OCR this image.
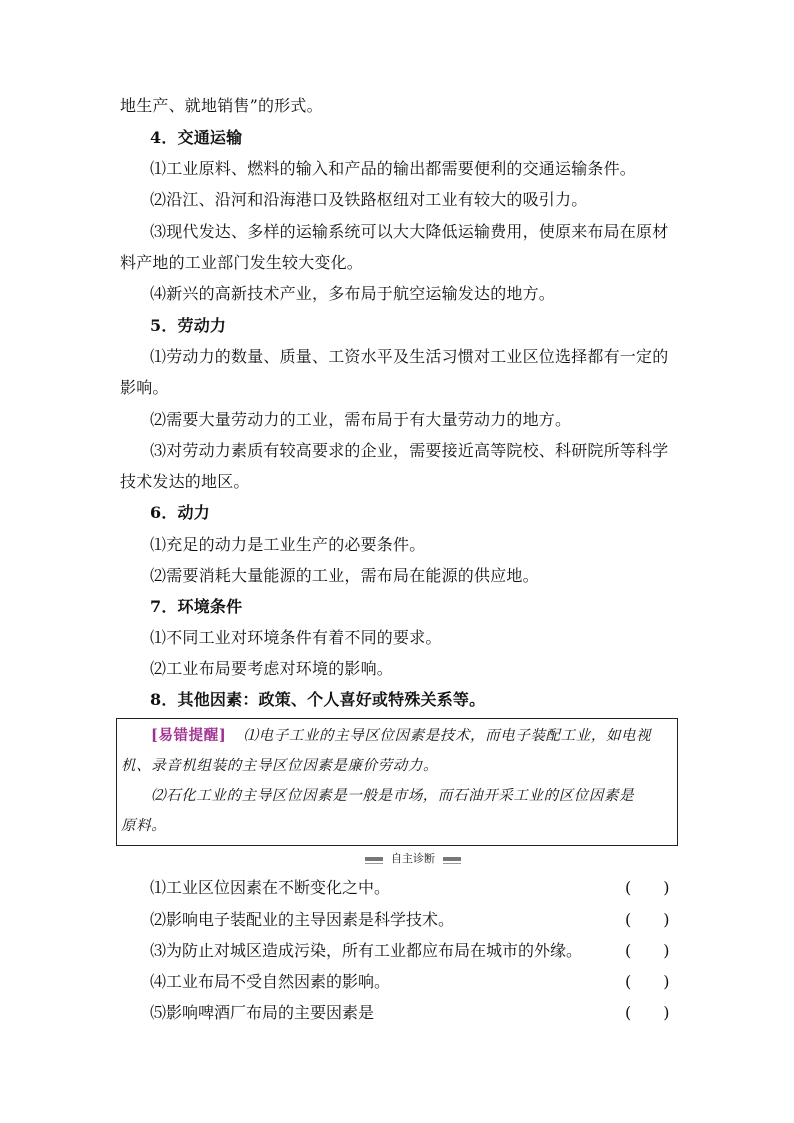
地生产、就地销售”的形式。
4．交通运输
⑴工业原料、燃料的输入和产品的输出都需要便利的交通运输条件。
⑵沿江、沿河和沿海港口及铁路枢纽对工业有较大的吸引力。
⑶现代发达、多样的运输系统可以大大降低运输费用，使原来布局在原材
料产地的工业部门发生较大变化。
⑷新兴的高新技术产业，多布局于航空运输发达的地方。
5．劳动力
⑴劳动力的数量、质量、工资水平及生活习惯对工业区位选择都有一定的
影响。
⑵需要大量劳动力的工业，需布局于有大量劳动力的地方。
⑶对劳动力素质有较高要求的企业，需要接近高等院校、科研院所等科学
技术发达的地区。
6．动力
⑴充足的动力是工业生产的必要条件。
⑵需要消耗大量能源的工业，需布局在能源的供应地。
7．环境条件
⑴不同工业对环境条件有着不同的要求。
⑵工业布局要考虑对环境的影响。
8．其他因素：政策、个人喜好或特殊关系等。
[易错提醒] ⑴电子工业的主导区位因素是技术，而电子装配工业，如电视
机、录音机组装的主导区位因素是廉价劳动力。
⑵石化工业的主导区位因素是一般是市场，而石油开采工业的区位因素是
原料。
自主诊断
⑴工业区位因素在不断变化之中。	(　　)
⑵影响电子装配业的主导因素是科学技术。	(　　)
⑶为防止对城区造成污染，所有工业都应布局在城市的外缘。	(　　)
⑷工业布局不受自然因素的影响。	(　　)
⑸影响啤酒厂布局的主要因素是	(　　)
